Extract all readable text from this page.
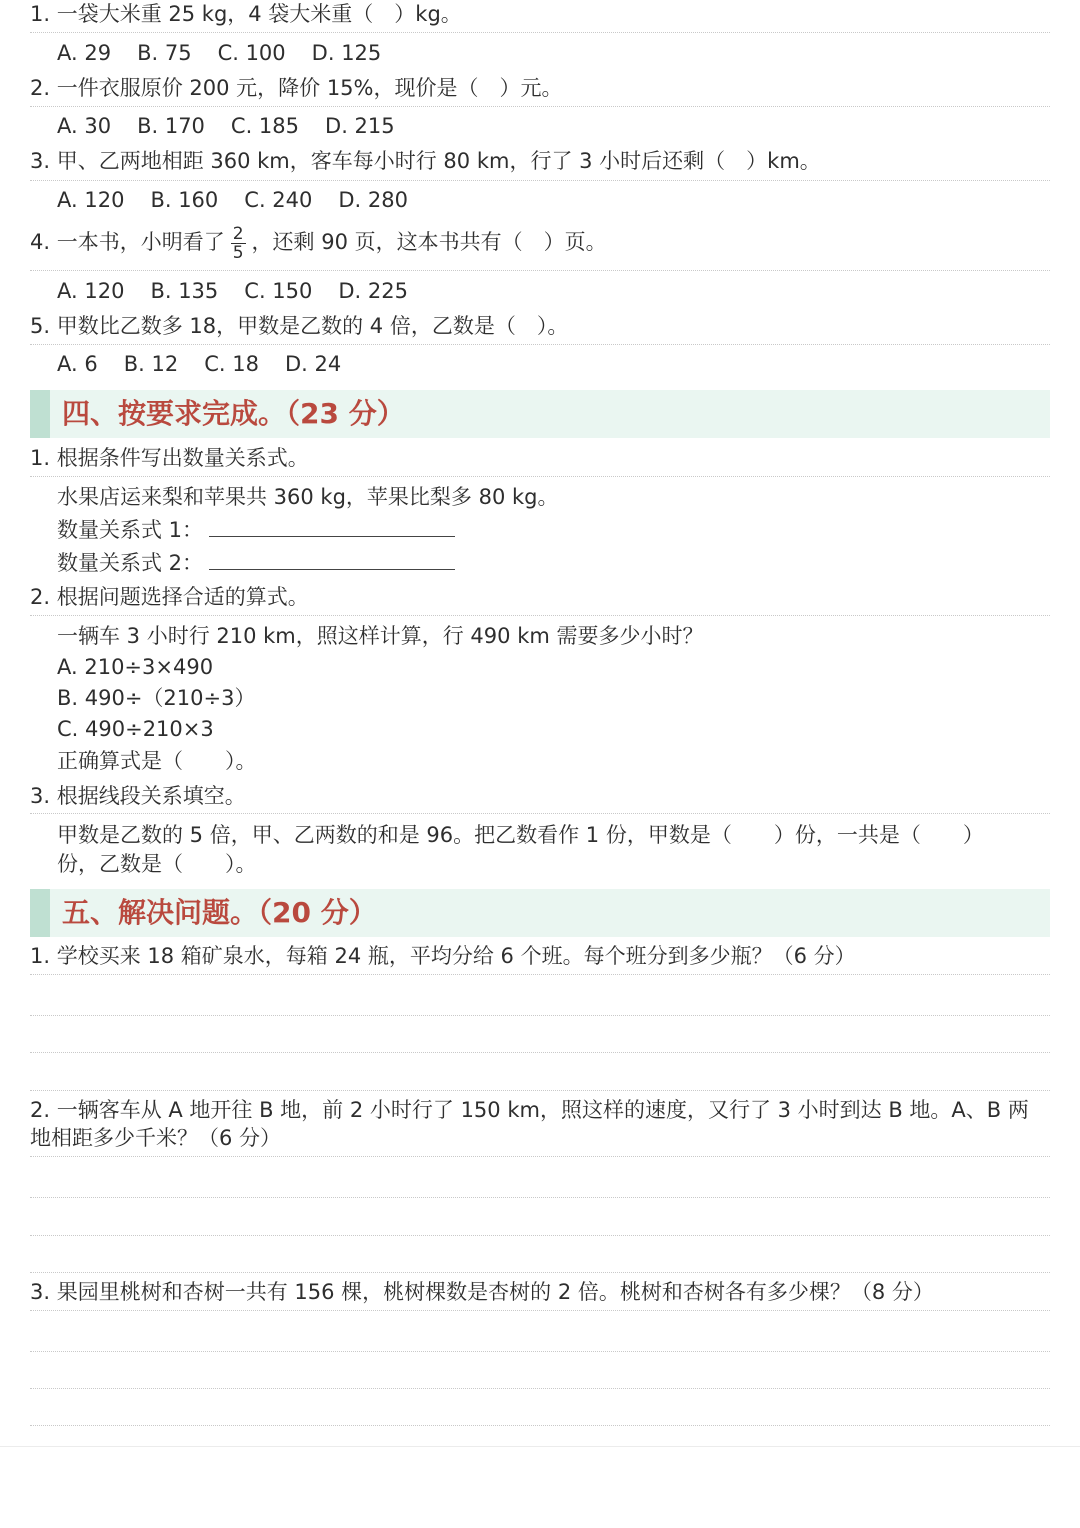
1. 一袋大米重 25 kg，4 袋大米重（　）kg。
A. 29 B. 75 C. 100 D. 125
2. 一件衣服原价 200 元，降价 15%，现价是（　）元。
A. 30 B. 170 C. 185 D. 215
3. 甲、乙两地相距 360 km，客车每小时行 80 km，行了 3 小时后还剩（　）km。
A. 120 B. 160 C. 240 D. 280
4. 一本书，小明看了 $\frac{2}{5}$ ，还剩 90 页，这本书共有（　）页。
A. 120 B. 135 C. 150 D. 225
5. 甲数比乙数多 18，甲数是乙数的 4 倍，乙数是（　）。
A. 6 B. 12 C. 18 D. 24
四、按要求完成。（23 分）
1. 根据条件写出数量关系式。
水果店运来梨和苹果共 360 kg，苹果比梨多 80 kg。
数量关系式 1：
数量关系式 2：
2. 根据问题选择合适的算式。
一辆车 3 小时行 210 km，照这样计算，行 490 km 需要多少小时？
A. 210÷3×490
B. 490÷（210÷3）
C. 490÷210×3
正确算式是（　　）。
3. 根据线段关系填空。
甲数是乙数的 5 倍，甲、乙两数的和是 96。把乙数看作 1 份，甲数是（　　）份，一共是（　　）
份，乙数是（　　）。
五、解决问题。（20 分）
1. 学校买来 18 箱矿泉水，每箱 24 瓶，平均分给 6 个班。每个班分到多少瓶？（6 分）
2. 一辆客车从 A 地开往 B 地，前 2 小时行了 150 km，照这样的速度，又行了 3 小时到达 B 地。A、B 两
地相距多少千米？（6 分）
3. 果园里桃树和杏树一共有 156 棵，桃树棵数是杏树的 2 倍。桃树和杏树各有多少棵？（8 分）
